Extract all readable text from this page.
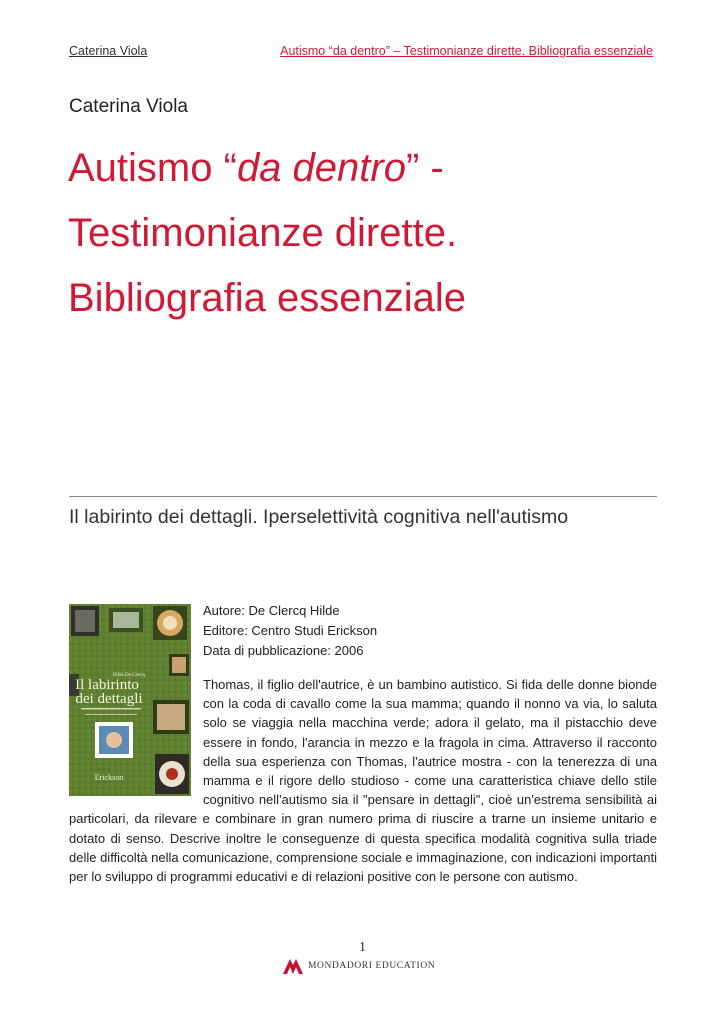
Caterina Viola	Autismo “da dentro” – Testimonianze dirette. Bibliografia essenziale
Caterina Viola
Autismo “da dentro” -
Testimonianze dirette.
Bibliografia essenziale
Il labirinto dei dettagli. Iperselettività cognitiva nell'autismo
Hilde De Clercq
Il labirinto
dei dettagli
Erickson
Autore: De Clercq Hilde
Editore: Centro Studi Erickson
Data di pubblicazione: 2006
Thomas, il figlio dell'autrice, è un bambino autistico. Si fida delle donne bionde con la coda di cavallo come la sua mamma; quando il nonno va via, lo saluta solo se viaggia nella macchina verde; adora il gelato, ma il pistacchio deve essere in fondo, l'arancia in mezzo e la fragola in cima. Attraverso il racconto della sua esperienza con Thomas, l'autrice mostra - con la tenerezza di una mamma e il rigore dello studioso - come una caratteristica chiave dello stile cognitivo nell'autismo sia il "pensare in dettagli", cioè un'estrema sensibilità ai particolari, da rilevare e combinare in gran numero prima di riuscire a trarne un insieme unitario e dotato di senso. Descrive inoltre le conseguenze di questa specifica modalità cognitiva sulla triade delle difficoltà nella comunicazione, comprensione sociale e immaginazione, con indicazioni importanti per lo sviluppo di programmi educativi e di relazioni positive con le persone con autismo.
1
MONDADORI EDUCATION
